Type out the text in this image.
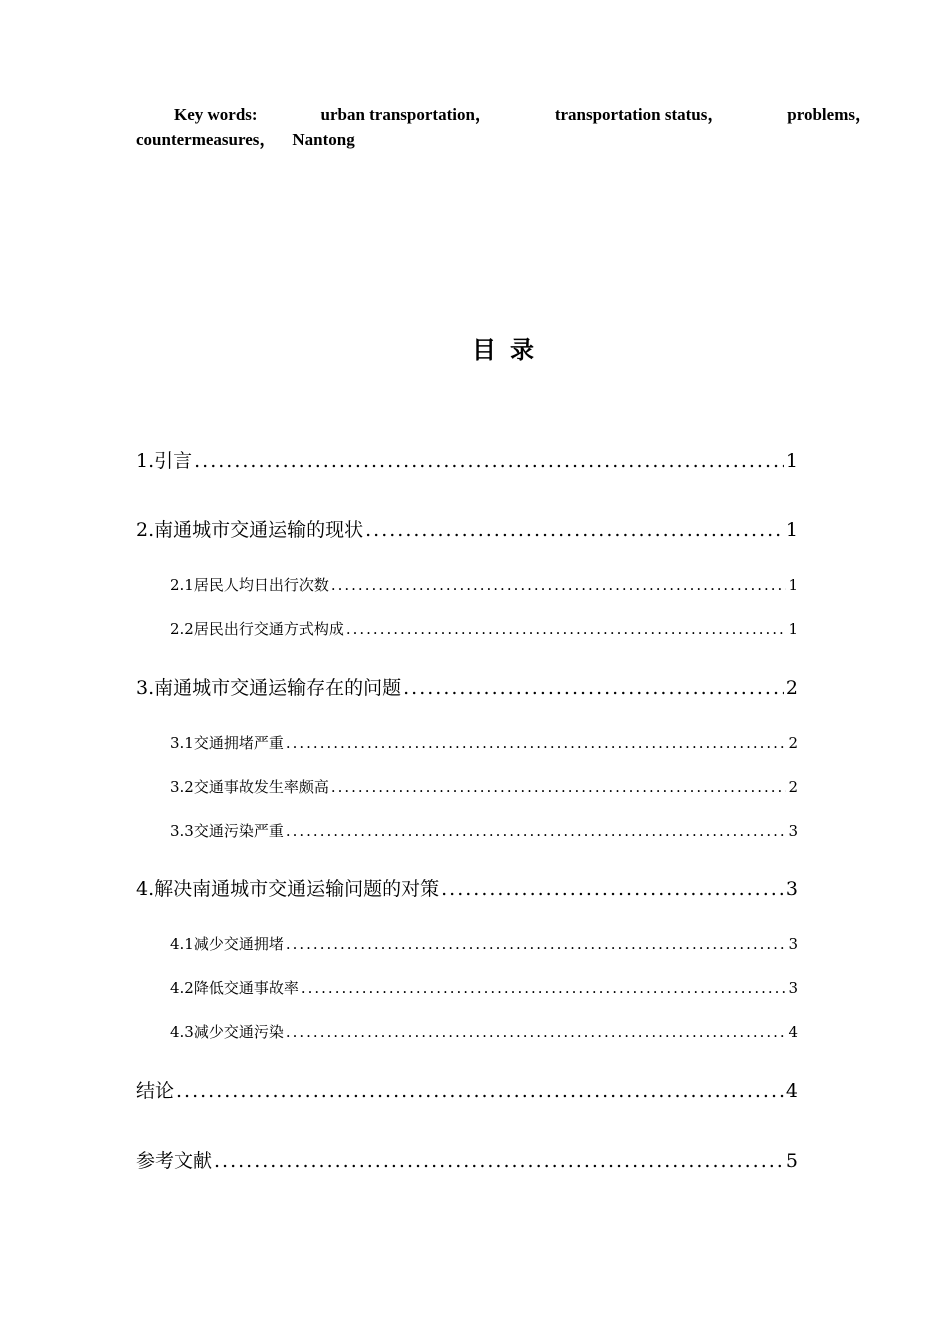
Key words:	urban transportation，	transportation status，	problems，
countermeasures， Nantong
目录
1.引言 .....	1
2.南通城市交通运输的现状 .....	1
2.1居民人均日出行次数 .....	1
2.2居民出行交通方式构成 .....	1
3.南通城市交通运输存在的问题 .....	2
3.1交通拥堵严重 .....	2
3.2交通事故发生率颇高 .....	2
3.3交通污染严重 .....	3
4.解决南通城市交通运输问题的对策 .....	3
4.1减少交通拥堵 .....	3
4.2降低交通事故率 .....	3
4.3减少交通污染 .....	4
结论 .....	4
参考文献 .....	5
